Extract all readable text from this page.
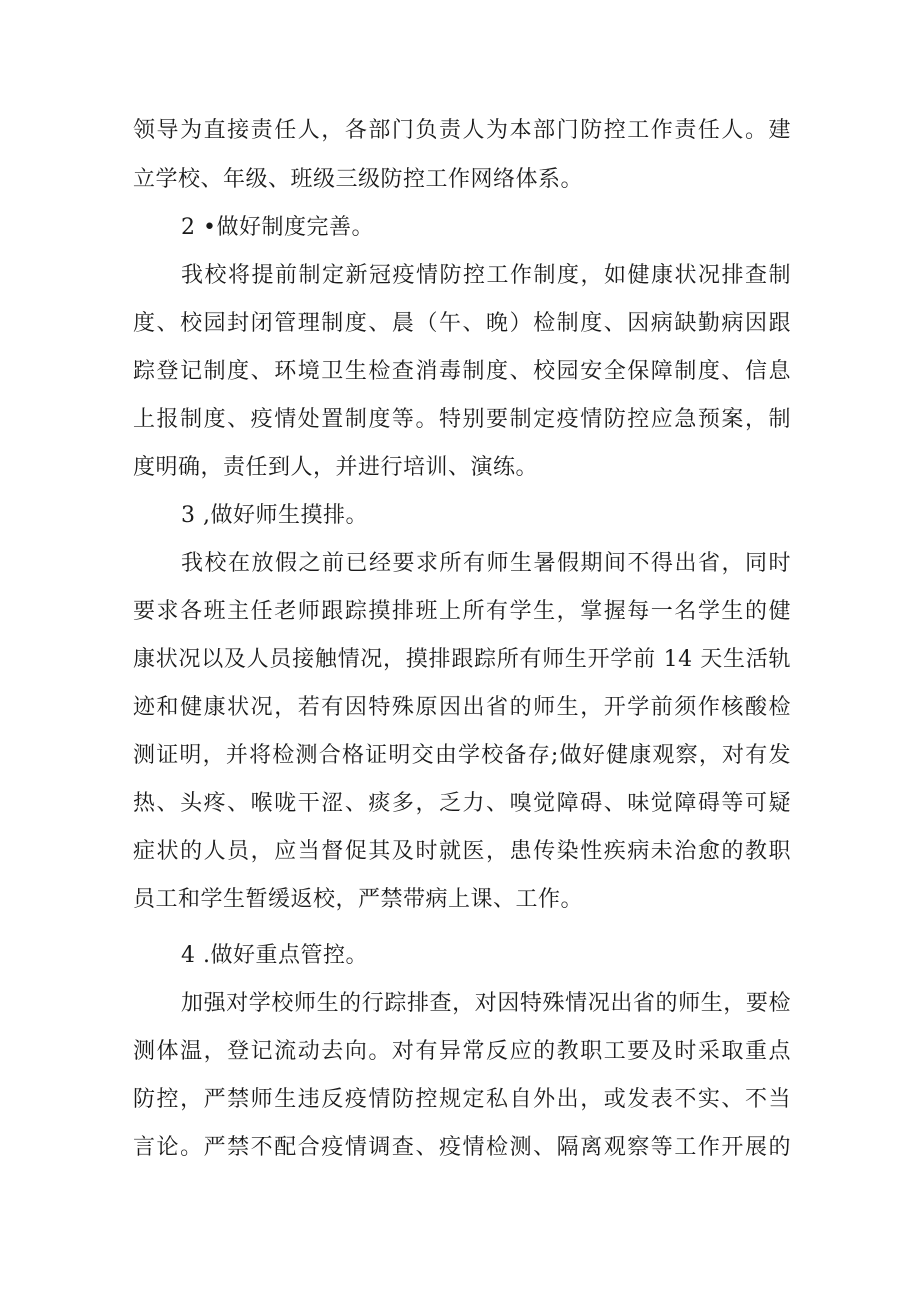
领导为直接责任人，各部门负责人为本部门防控工作责任人。建
立学校、年级、班级三级防控工作网络体系。
2 •做好制度完善。
我校将提前制定新冠疫情防控工作制度，如健康状况排查制
度、校园封闭管理制度、晨（午、晚）检制度、因病缺勤病因跟
踪登记制度、环境卫生检查消毒制度、校园安全保障制度、信息
上报制度、疫情处置制度等。特别要制定疫情防控应急预案，制
度明确，责任到人，并进行培训、演练。
3 ,做好师生摸排。
我校在放假之前已经要求所有师生暑假期间不得出省，同时
要求各班主任老师跟踪摸排班上所有学生，掌握每一名学生的健
康状况以及人员接触情况，摸排跟踪所有师生开学前 14 天生活轨
迹和健康状况，若有因特殊原因出省的师生，开学前须作核酸检
测证明，并将检测合格证明交由学校备存;做好健康观察，对有发
热、头疼、喉咙干涩、痰多，乏力、嗅觉障碍、味觉障碍等可疑
症状的人员，应当督促其及时就医，患传染性疾病未治愈的教职
员工和学生暂缓返校，严禁带病上课、工作。
4 .做好重点管控。
加强对学校师生的行踪排查，对因特殊情况出省的师生，要检
测体温，登记流动去向。对有异常反应的教职工要及时采取重点
防控，严禁师生违反疫情防控规定私自外出，或发表不实、不当
言论。严禁不配合疫情调查、疫情检测、隔离观察等工作开展的
